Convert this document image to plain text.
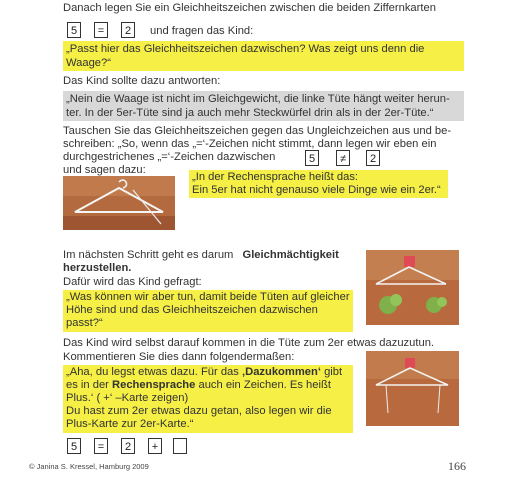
Danach legen Sie ein Gleichheitszeichen zwischen die beiden Ziffernkarten
5	=	2	und fragen das Kind:
„Passt hier das Gleichheitszeichen dazwischen? Was zeigt uns denn die
Waage?“
Das Kind sollte dazu antworten:
„Nein die Waage ist nicht im Gleichgewicht, die linke Tüte hängt weiter herun-
ter. In der 5er-Tüte sind ja auch mehr Steckwürfel drin als in der 2er-Tüte.“
Tauschen Sie das Gleichheitszeichen gegen das Ungleichzeichen aus und be-
schreiben: „So, wenn das „=‘-Zeichen nicht stimmt, dann legen wir eben ein
durchgestrichenes „=‘-Zeichen dazwischen
und sagen dazu:
5	≠	2
„In der Rechensprache heißt das:
Ein 5er hat nicht genauso viele Dinge wie ein 2er.“
Im nächsten Schritt geht es darum Gleichmächtigkeit
herzustellen.
Dafür wird das Kind gefragt:
„Was können wir aber tun, damit beide Tüten auf gleicher
Höhe sind und das Gleichheitszeichen dazwischen
passt?“
Das Kind wird selbst darauf kommen in die Tüte zum 2er etwas dazuzutun.
Kommentieren Sie dies dann folgendermaßen:
„Aha, du legst etwas dazu. Für das ‚Dazukommen‘ gibt
es in der Rechensprache auch ein Zeichen. Es heißt
Plus.‘ ( +‘ –Karte zeigen)
Du hast zum 2er etwas dazu getan, also legen wir die
Plus-Karte zur 2er-Karte.“
5	=	2	+
© Janina S. Kressel, Hamburg 2009	166
